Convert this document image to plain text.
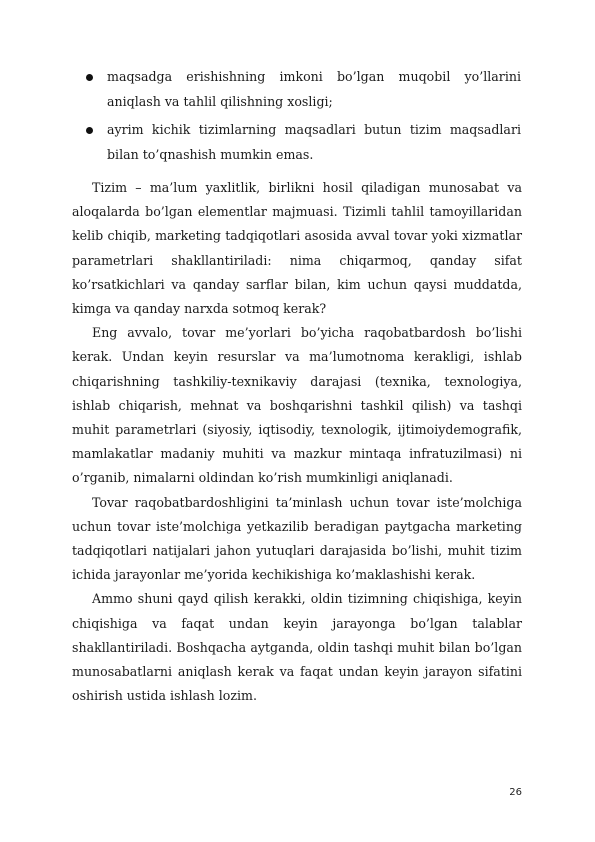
maqsadga erishishning imkoni bo’lgan muqobil yo’llarini aniqlash va tahlil qilishning xosligi;
ayrim kichik tizimlarning maqsadlari butun tizim maqsadlari bilan to’qnashish mumkin emas.

Tizim – ma’lum yaxlitlik, birlikni hosil qiladigan munosabat va aloqalarda bo’lgan elementlar majmuasi. Tizimli tahlil tamoyillaridan kelib chiqib, marketing tadqiqotlari asosida avval tovar yoki xizmatlar parametrlari shakllantiriladi: nima chiqarmoq, qanday sifat ko’rsatkichlari va qanday sarflar bilan, kim uchun qaysi muddatda, kimga va qanday narxda sotmoq kerak?

Eng avvalo, tovar me’yorlari bo’yicha raqobatbardosh bo’lishi kerak. Undan keyin resurslar va ma’lumotnoma kerakligi, ishlab chiqarishning tashkiliy-texnikaviy darajasi (texnika, texnologiya, ishlab chiqarish, mehnat va boshqarishni tashkil qilish) va tashqi muhit parametrlari (siyosiy, iqtisodiy, texnologik, ijtimoiydemografik, mamlakatlar madaniy muhiti va mazkur mintaqa infratuzilmasi) ni o’rganib, nimalarni oldindan ko’rish mumkinligi aniqlanadi.

Tovar raqobatbardoshligini ta’minlash uchun tovar iste’molchiga uchun tovar iste’molchiga yetkazilib beradigan paytgacha marketing tadqiqotlari natijalari jahon yutuqlari darajasida bo’lishi, muhit tizim ichida jarayonlar me’yorida kechikishiga ko’maklashishi kerak.

Ammo shuni qayd qilish kerakki, oldin tizimning chiqishiga, keyin chiqishiga va faqat undan keyin jarayonga bo’lgan talablar shakllantiriladi. Boshqacha aytganda, oldin tashqi muhit bilan bo’lgan munosabatlarni aniqlash kerak va faqat undan keyin jarayon sifatini oshirish ustida ishlash lozim.

26
